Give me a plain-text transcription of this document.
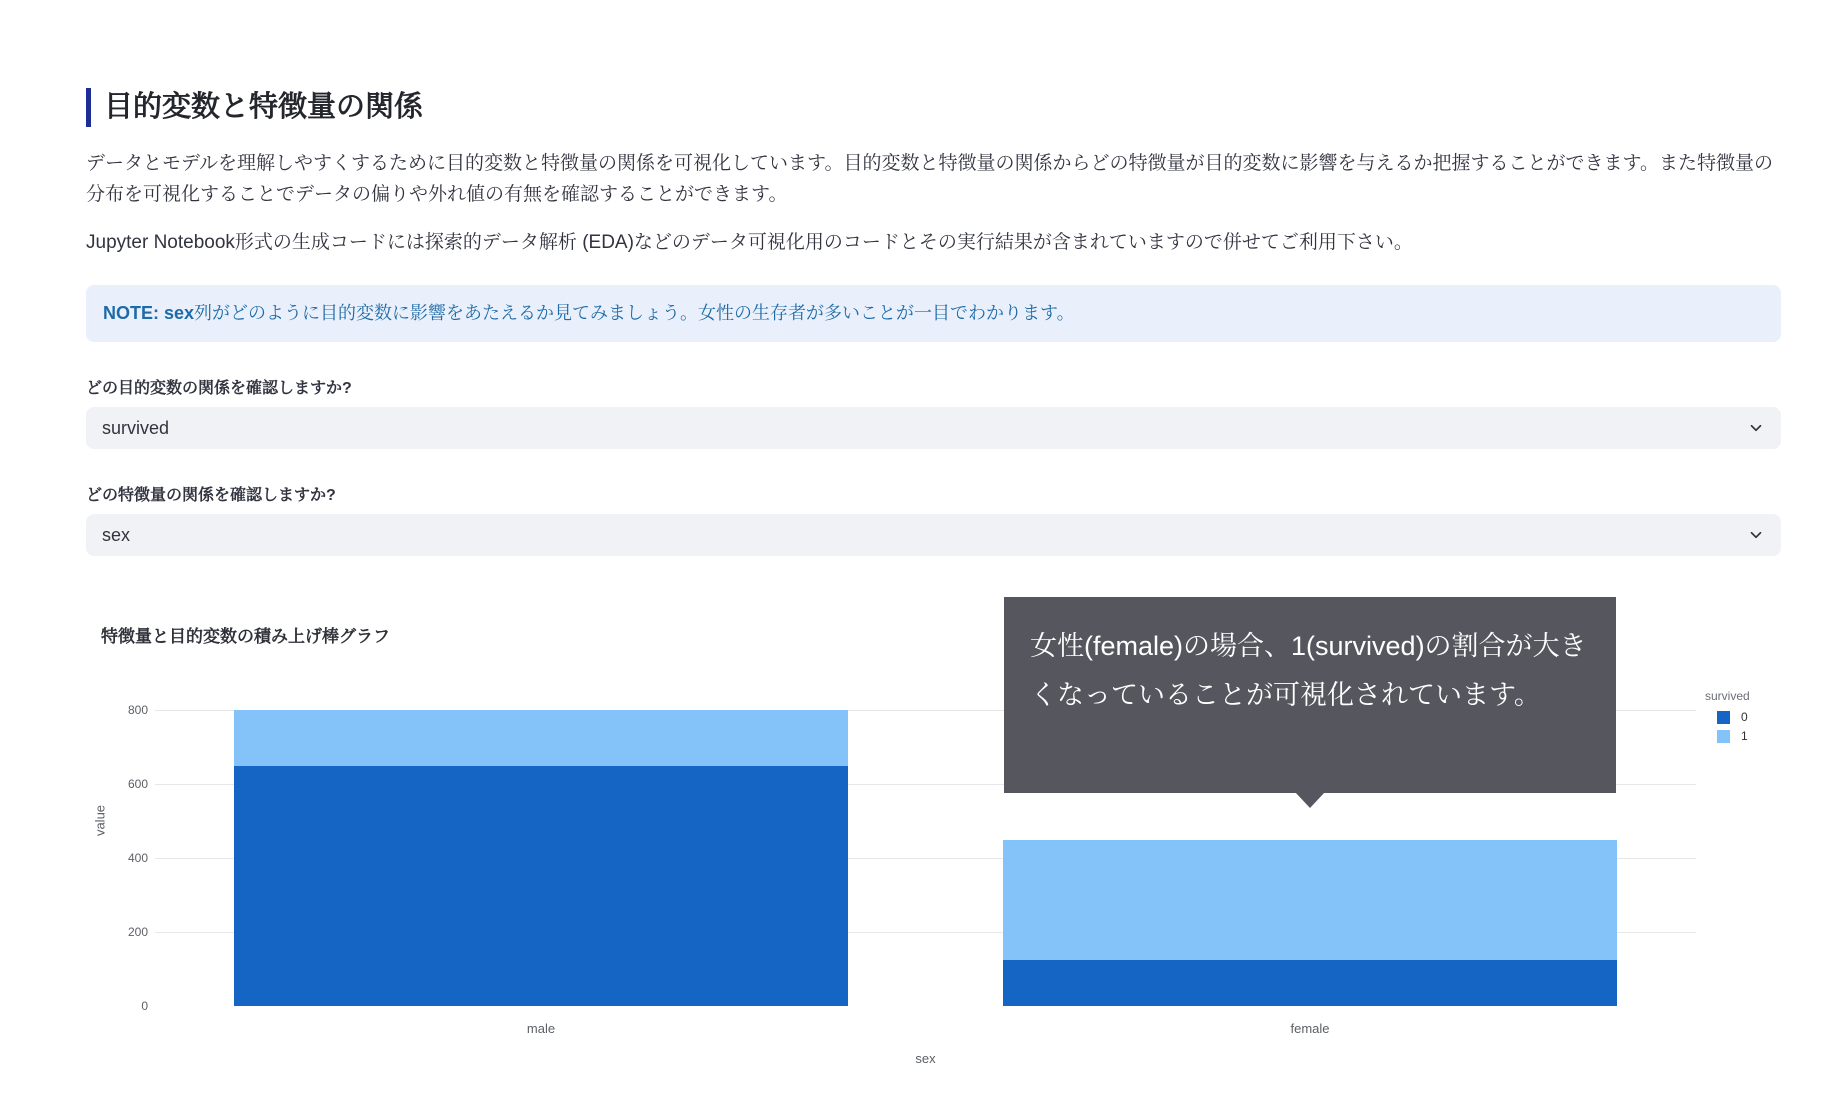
目的変数と特徴量の関係
データとモデルを理解しやすくするために目的変数と特徴量の関係を可視化しています。目的変数と特徴量の関係からどの特徴量が目的変数に影響を与えるか把握することができます。また特徴量の分布を可視化することでデータの偏りや外れ値の有無を確認することができます。
Jupyter Notebook形式の生成コードには探索的データ解析 (EDA)などのデータ可視化用のコードとその実行結果が含まれていますので併せてご利用下さい。
NOTE: sex列がどのように目的変数に影響をあたえるか見てみましょう。女性の生存者が多いことが一目でわかります。
どの目的変数の関係を確認しますか?
survived
どの特徴量の関係を確認しますか?
sex
特徴量と目的変数の積み上げ棒グラフ
0
200
400
600
800
male	female
sex
value
survived
0
1
女性(female)の場合、1(survived)の割合が大きくなっていることが可視化されています。
